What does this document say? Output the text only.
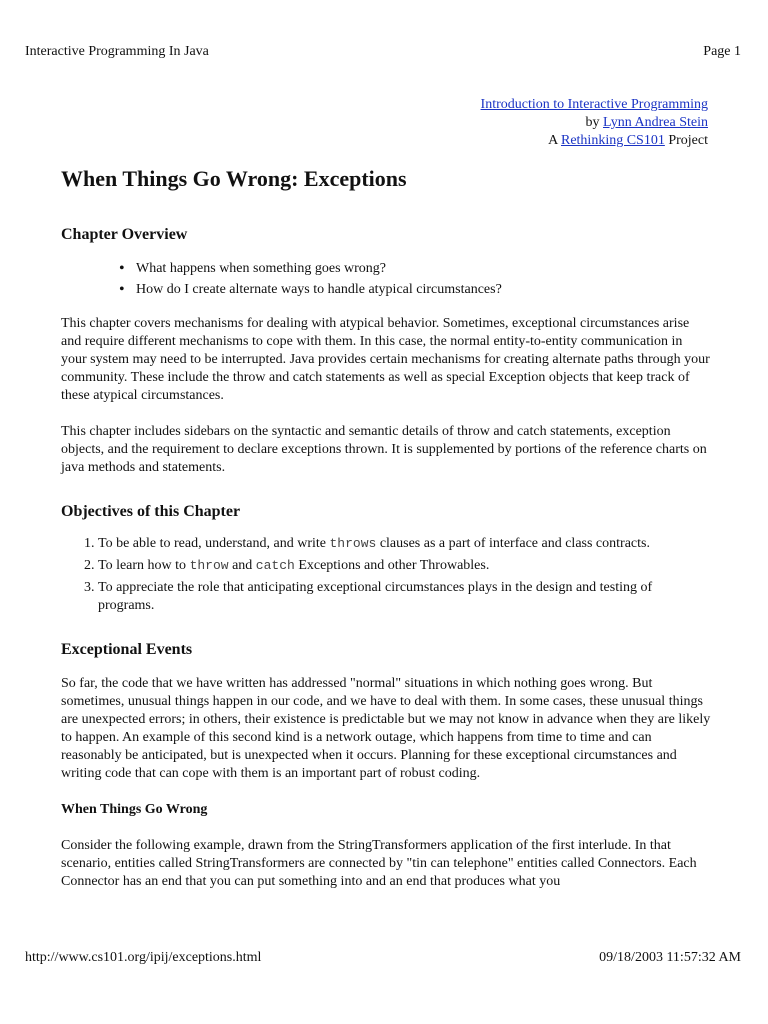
Interactive Programming In Java	Page 1
Introduction to Interactive Programming
by Lynn Andrea Stein
A Rethinking CS101 Project
When Things Go Wrong: Exceptions
Chapter Overview
• What happens when something goes wrong?
• How do I create alternate ways to handle atypical circumstances?

This chapter covers mechanisms for dealing with atypical behavior. Sometimes, exceptional circumstances arise and require different mechanisms to cope with them. In this case, the normal entity-to-entity communication in your system may need to be interrupted. Java provides certain mechanisms for creating alternate paths through your community. These include the throw and catch statements as well as special Exception objects that keep track of these atypical circumstances.

This chapter includes sidebars on the syntactic and semantic details of throw and catch statements, exception objects, and the requirement to declare exceptions thrown. It is supplemented by portions of the reference charts on java methods and statements.

Objectives of this Chapter
1. To be able to read, understand, and write throws clauses as a part of interface and class contracts.
2. To learn how to throw and catch Exceptions and other Throwables.
3. To appreciate the role that anticipating exceptional circumstances plays in the design and testing of programs.
Exceptional Events

So far, the code that we have written has addressed "normal" situations in which nothing goes wrong. But sometimes, unusual things happen in our code, and we have to deal with them. In some cases, these unusual things are unexpected errors; in others, their existence is predictable but we may not know in advance when they are likely to happen. An example of this second kind is a network outage, which happens from time to time and can reasonably be anticipated, but is unexpected when it occurs. Planning for these exceptional circumstances and writing code that can cope with them is an important part of robust coding.

When Things Go Wrong

Consider the following example, drawn from the StringTransformers application of the first interlude. In that scenario, entities called StringTransformers are connected by "tin can telephone" entities called Connectors. Each Connector has an end that you can put something into and an end that produces what you

http://www.cs101.org/ipij/exceptions.html	09/18/2003 11:57:32 AM
